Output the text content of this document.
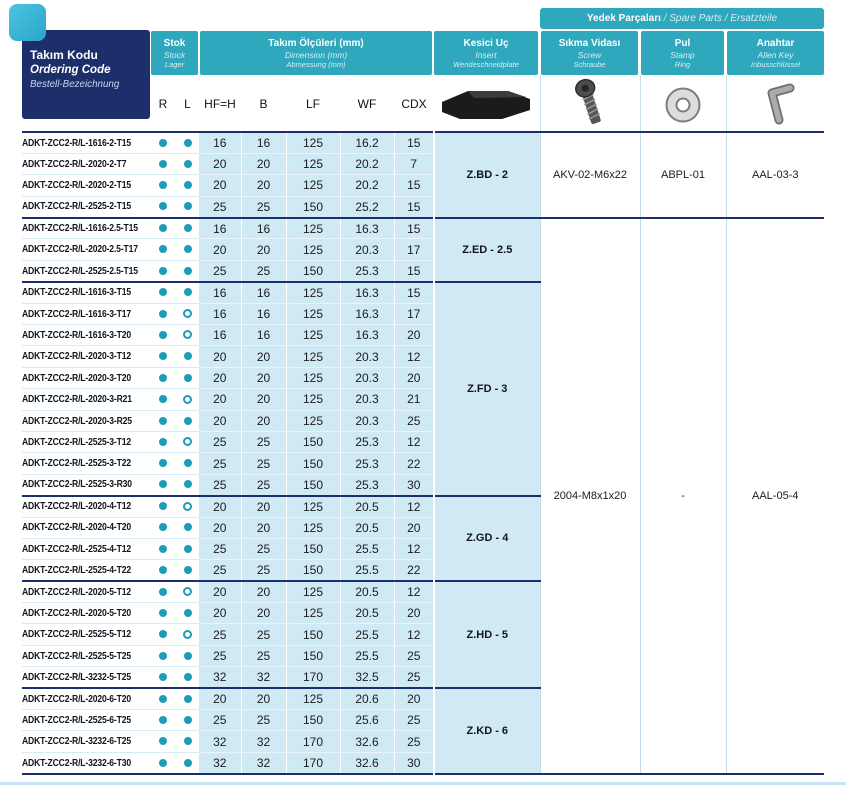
Takım Kodu
Ordering Code
Bestell-Bezeichnung
Yedek Parçaları / Spare Parts / Ersatzteile
Stok
Stock
Lager
Takım Ölçüleri (mm)
Dimension (mm)
Abmessung (mm)
Kesici Uç
Insert
Wendeschneidplate
Sıkma Vidası
Screw
Schraube
Pul
Stamp
Ring
Anahtar
Allen Key
Inbusschlüssel
R	L	HF=H	B	LF	WF	CDX
ADKT-ZCC2-R/L-1616-2-T15			16	16	125	16.2	15	Z.BD - 2	AKV-02-M6x22	ABPL-01	AAL-03-3
ADKT-ZCC2-R/L-2020-2-T7			20	20	125	20.2	7				
ADKT-ZCC2-R/L-2020-2-T15			20	20	125	20.2	15				
ADKT-ZCC2-R/L-2525-2-T15			25	25	150	25.2	15				
ADKT-ZCC2-R/L-1616-2.5-T15			16	16	125	16.3	15	Z.ED - 2.5	2004-M8x1x20	-	AAL-05-4
ADKT-ZCC2-R/L-2020-2.5-T17			20	20	125	20.3	17				
ADKT-ZCC2-R/L-2525-2.5-T15			25	25	150	25.3	15				
ADKT-ZCC2-R/L-1616-3-T15			16	16	125	16.3	15	Z.FD - 3			
ADKT-ZCC2-R/L-1616-3-T17			16	16	125	16.3	17				
ADKT-ZCC2-R/L-1616-3-T20			16	16	125	16.3	20				
ADKT-ZCC2-R/L-2020-3-T12			20	20	125	20.3	12				
ADKT-ZCC2-R/L-2020-3-T20			20	20	125	20.3	20				
ADKT-ZCC2-R/L-2020-3-R21			20	20	125	20.3	21				
ADKT-ZCC2-R/L-2020-3-R25			20	20	125	20.3	25				
ADKT-ZCC2-R/L-2525-3-T12			25	25	150	25.3	12				
ADKT-ZCC2-R/L-2525-3-T22			25	25	150	25.3	22				
ADKT-ZCC2-R/L-2525-3-R30			25	25	150	25.3	30				
ADKT-ZCC2-R/L-2020-4-T12			20	20	125	20.5	12	Z.GD - 4			
ADKT-ZCC2-R/L-2020-4-T20			20	20	125	20.5	20				
ADKT-ZCC2-R/L-2525-4-T12			25	25	150	25.5	12				
ADKT-ZCC2-R/L-2525-4-T22			25	25	150	25.5	22				
ADKT-ZCC2-R/L-2020-5-T12			20	20	125	20.5	12	Z.HD - 5			
ADKT-ZCC2-R/L-2020-5-T20			20	20	125	20.5	20				
ADKT-ZCC2-R/L-2525-5-T12			25	25	150	25.5	12				
ADKT-ZCC2-R/L-2525-5-T25			25	25	150	25.5	25				
ADKT-ZCC2-R/L-3232-5-T25			32	32	170	32.5	25				
ADKT-ZCC2-R/L-2020-6-T20			20	20	125	20.6	20	Z.KD - 6			
ADKT-ZCC2-R/L-2525-6-T25			25	25	150	25.6	25				
ADKT-ZCC2-R/L-3232-6-T25			32	32	170	32.6	25				
ADKT-ZCC2-R/L-3232-6-T30			32	32	170	32.6	30				
